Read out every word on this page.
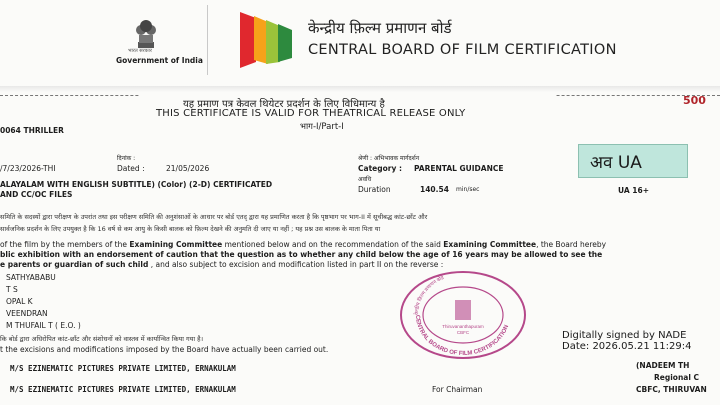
भारत सरकार
Government of India
केन्द्रीय फ़िल्म प्रमाणन बोर्ड
CENTRAL BOARD OF FILM CERTIFICATION
यह प्रमाण पत्र केवल थियेटर प्रदर्शन के लिए विधिमान्य है
THIS CERTIFICATE IS VALID FOR THEATRICAL RELEASE ONLY
भाग-I/Part-I
500
0064 THRILLER
/7/23/2026-THI
दिनांक :
Dated :	21/05/2026
श्रेणी : अभिभावक मार्गदर्शन
Category : PARENTAL GUIDANCE
अवधि
Duration	140.54 min/sec
ALAYALAM WITH ENGLISH SUBTITLE) (Color) (2-D) CERTIFICATED
AND CC/OC FILES
अव UA
UA 16+
समिति के सदस्यों द्वारा परीक्षण के उपरांत तथा इस परीक्षण समिति की अनुशंसाओं के आधार पर बोर्ड एतद् द्वारा यह प्रमाणित करता है कि पृष्ठभाग पर भाग-II में सूचीबद्ध कांट-छाँट और
सार्वजनिक प्रदर्शन के लिए उपयुक्त है कि 16 वर्ष से कम आयु के किसी बालक को फ़िल्म देखने की अनुमति दी जाए या नहीं ; यह प्रश्न उस बालक के माता पिता या
of the film by the members of the Examining Committee mentioned below and on the recommendation of the said Examining Committee, the Board hereby
blic exhibition with an endorsement of caution that the question as to whether any child below the age of 16 years may be allowed to see the
e parents or guardian of such child , and also subject to excision and modification listed in part II on the reverse :
SATHYABABU
T S
OPAL K
VEENDRAN
M THUFAIL T ( E.O. )
कि बोर्ड द्वारा अधिरोपित कांट-छाँट और संशोधनों को वास्तव में कार्यान्वित किया गया है।
t the excisions and modifications imposed by the Board have actually been carried out.
M/S EZINEMATIC PICTURES PRIVATE LIMITED, ERNAKULAM
M/S EZINEMATIC PICTURES PRIVATE LIMITED, ERNAKULAM	For Chairman
केन्द्रीय फ़िल्म प्रमाणन बोर्ड
CENTRAL BOARD OF FILM CERTIFICATION
Thiruvananthapuram
CBFC	Digitally signed by NADE
Date: 2026.05.21 11:29:4
(NADEEM TH
Regional C
CBFC, THIRUVAN
